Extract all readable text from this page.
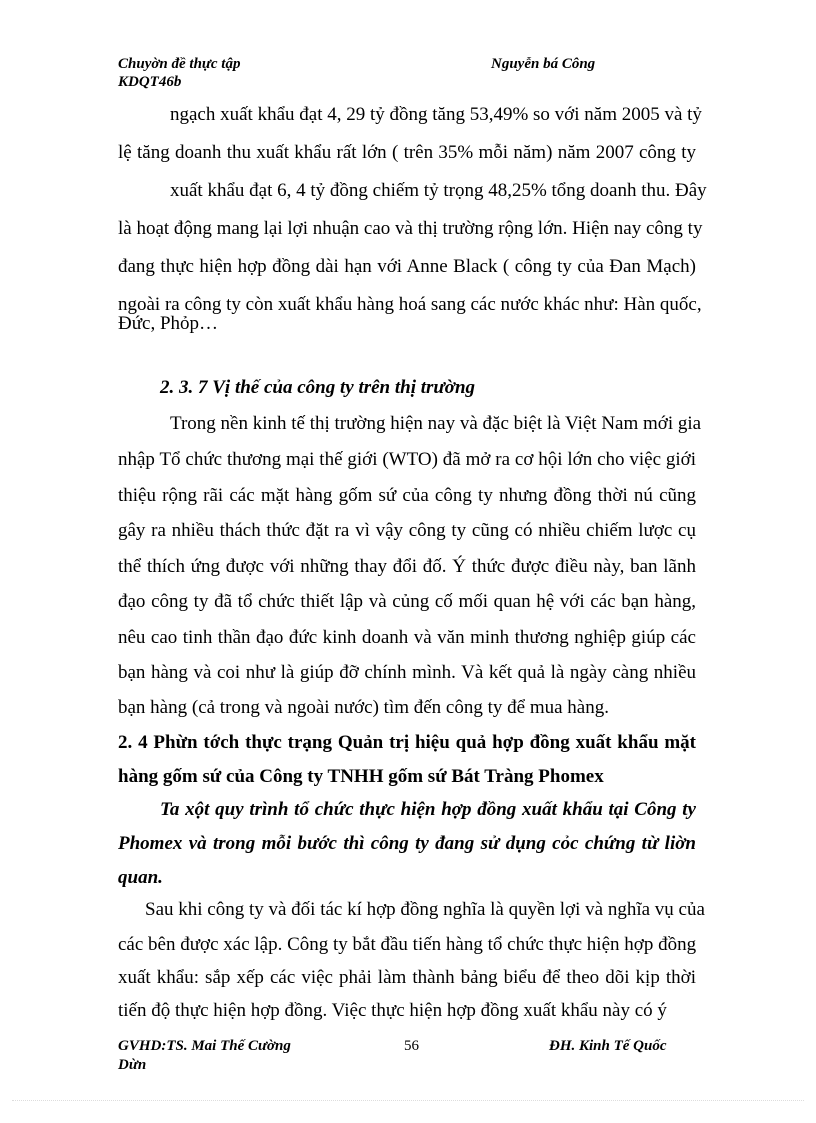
Chuyờn đề thực tập
KDQT46b
Nguyễn bá Công
ngạch xuất khẩu đạt 4, 29 tỷ đồng tăng 53,49% so với năm 2005 và tỷ
lệ tăng doanh thu xuất khẩu rất lớn ( trên 35% mỗi năm) năm 2007 công ty
xuất khẩu đạt 6, 4 tỷ đồng chiếm tỷ trọng 48,25% tổng doanh thu. Đây
là hoạt động mang lại lợi nhuận cao và thị trường rộng lớn. Hiện nay công ty
đang thực hiện hợp đồng dài hạn với Anne Black ( công ty của Đan Mạch)
ngoài ra công ty còn xuất khẩu hàng hoá sang các nước khác như: Hàn quốc,
Đức, Phỏp…
2. 3. 7 Vị thế của công ty trên thị trường
Trong nền kinh tế thị trường hiện nay và đặc biệt là Việt Nam mới gia
nhập Tổ chức thương mại thế giới (WTO) đã mở ra cơ hội lớn cho việc giới
thiệu rộng rãi các mặt hàng gốm sứ của công ty nhưng đồng thời nú cũng
gây ra nhiều thách thức đặt ra vì vậy công ty cũng có nhiều chiếm lược cụ
thể thích ứng được với những thay đổi đố. Ý thức được điều này, ban lãnh
đạo công ty đã tổ chức thiết lập và củng cố mối quan hệ với các bạn hàng,
nêu cao tinh thần đạo đức kinh doanh và văn minh thương nghiệp giúp các
bạn hàng và coi như là giúp đỡ chính mình. Và kết quả là ngày càng nhiều
bạn hàng (cả trong và ngoài nước) tìm đến công ty để mua hàng.
2. 4 Phừn tớch thực trạng Quản trị hiệu quả hợp đồng xuất khẩu mặt
hàng gốm sứ của Công ty TNHH gốm sứ Bát Tràng Phomex
Ta xột quy trình tổ chức thực hiện hợp đồng xuất khẩu tại Công ty
Phomex và trong mỗi bước thì công ty đang sử dụng cỏc chứng từ liờn
quan.
Sau khi công ty và đối tác kí hợp đồng nghĩa là quyền lợi và nghĩa vụ của
các bên được xác lập. Công ty bắt đầu tiến hàng tổ chức thực hiện hợp đồng
xuất khẩu: sắp xếp các việc phải làm thành bảng biểu để theo dõi kịp thời
tiến độ thực hiện hợp đồng. Việc thực hiện hợp đồng xuất khẩu này có ý
GVHD:TS. Mai Thế Cường
Dừn
56	ĐH. Kinh Tế Quốc
